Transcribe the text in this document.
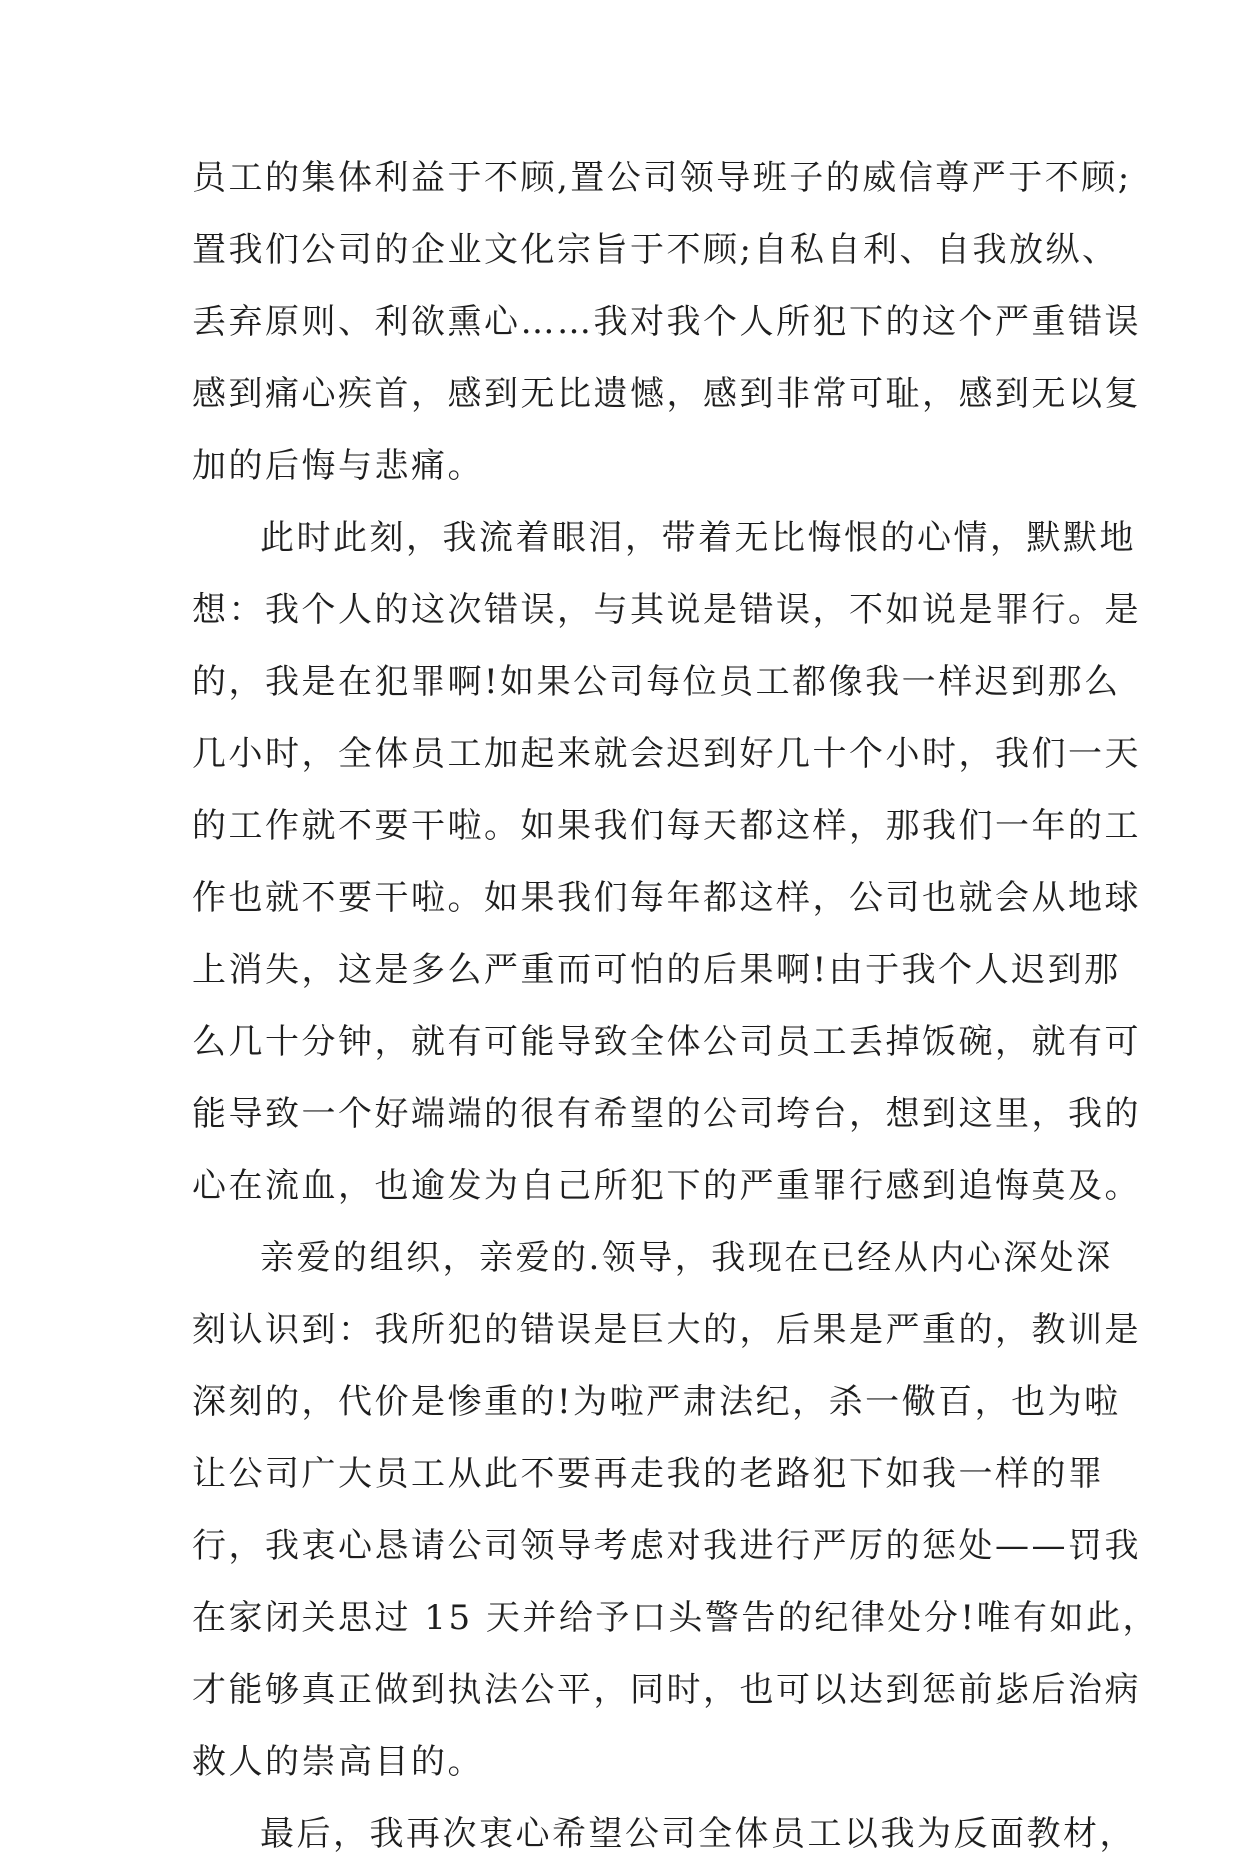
员工的集体利益于不顾,置公司领导班子的威信尊严于不顾;
置我们公司的企业文化宗旨于不顾;自私自利、自我放纵、
丢弃原则、利欲熏心……我对我个人所犯下的这个严重错误
感到痛心疾首，感到无比遗憾，感到非常可耻，感到无以复
加的后悔与悲痛。
此时此刻，我流着眼泪，带着无比悔恨的心情，默默地
想：我个人的这次错误，与其说是错误，不如说是罪行。是
的，我是在犯罪啊!如果公司每位员工都像我一样迟到那么
几小时，全体员工加起来就会迟到好几十个小时，我们一天
的工作就不要干啦。如果我们每天都这样，那我们一年的工
作也就不要干啦。如果我们每年都这样，公司也就会从地球
上消失，这是多么严重而可怕的后果啊!由于我个人迟到那
么几十分钟，就有可能导致全体公司员工丢掉饭碗，就有可
能导致一个好端端的很有希望的公司垮台，想到这里，我的
心在流血，也逾发为自己所犯下的严重罪行感到追悔莫及。
亲爱的组织，亲爱的.领导，我现在已经从内心深处深
刻认识到：我所犯的错误是巨大的，后果是严重的，教训是
深刻的，代价是惨重的!为啦严肃法纪，杀一儆百，也为啦
让公司广大员工从此不要再走我的老路犯下如我一样的罪
行，我衷心恳请公司领导考虑对我进行严厉的惩处——罚我
在家闭关思过 15 天并给予口头警告的纪律处分!唯有如此，
才能够真正做到执法公平，同时，也可以达到惩前毖后治病
救人的崇高目的。
最后，我再次衷心希望公司全体员工以我为反面教材，
